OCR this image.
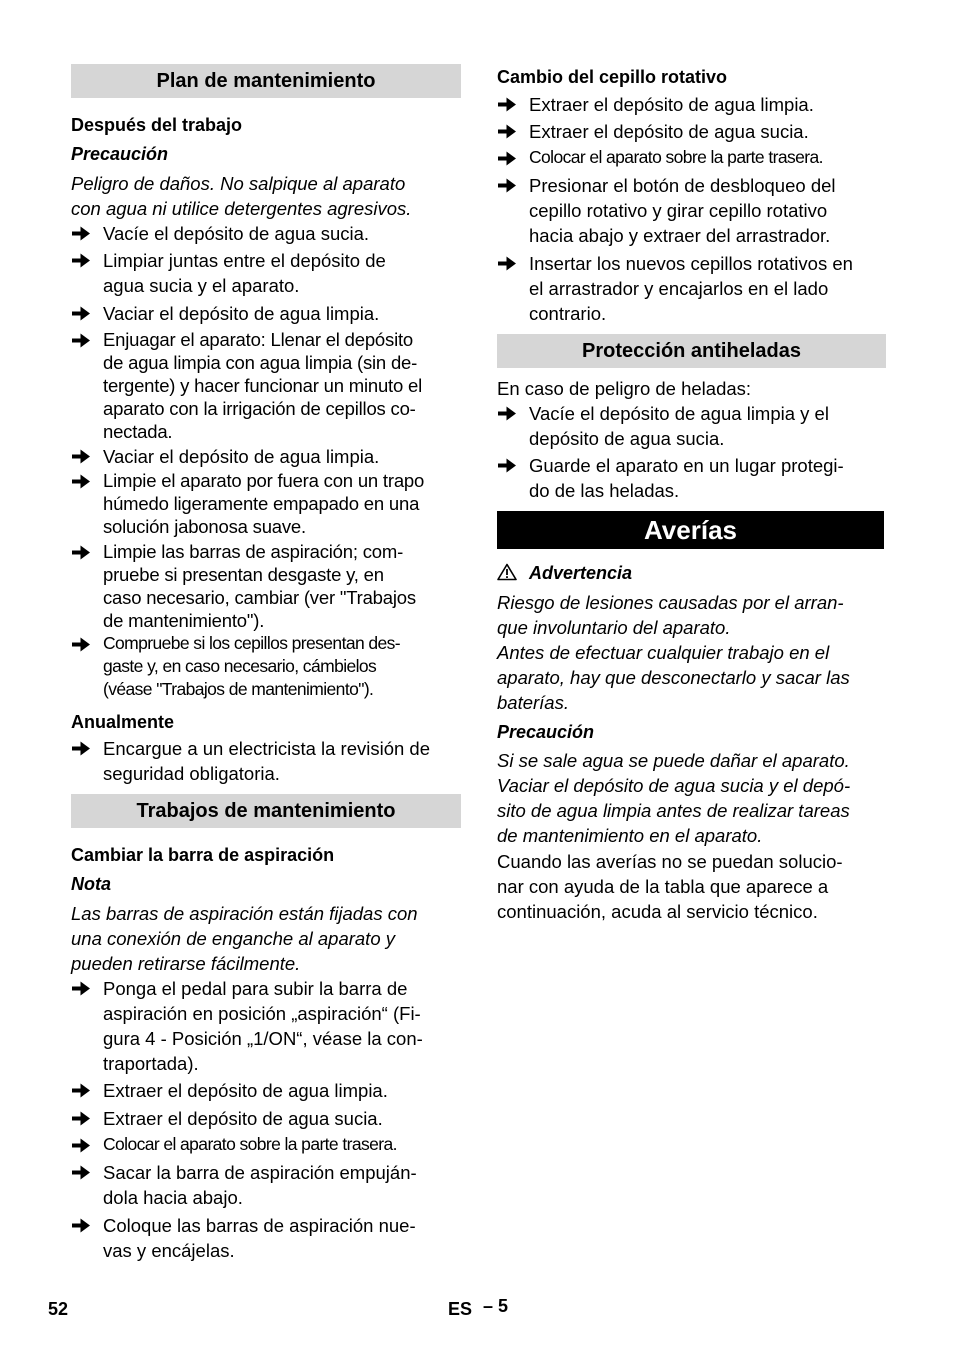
Plan de mantenimiento
Después del trabajo
Precaución
Peligro de daños. No salpique al aparato
con agua ni utilice detergentes agresivos.
Vacíe el depósito de agua sucia.
Limpiar juntas entre el depósito de
agua sucia y el aparato.
Vaciar el depósito de agua limpia.
Enjuagar el aparato: Llenar el depósito
de agua limpia con agua limpia (sin de-
tergente) y hacer funcionar un minuto el
aparato con la irrigación de cepillos co-
nectada.
Vaciar el depósito de agua limpia.
Limpie el aparato por fuera con un trapo
húmedo ligeramente empapado en una
solución jabonosa suave.
Limpie las barras de aspiración; com-
pruebe si presentan desgaste y, en
caso necesario, cambiar (ver "Trabajos
de mantenimiento").
Compruebe si los cepillos presentan des-
gaste y, en caso necesario, cámbielos
(véase "Trabajos de mantenimiento").
Anualmente
Encargue a un electricista la revisión de
seguridad obligatoria.
Trabajos de mantenimiento
Cambiar la barra de aspiración
Nota
Las barras de aspiración están fijadas con
una conexión de enganche al aparato y
pueden retirarse fácilmente.
Ponga el pedal para subir la barra de
aspiración en posición „aspiración“ (Fi-
gura 4 - Posición „1/ON“, véase la con-
traportada).
Extraer el depósito de agua limpia.
Extraer el depósito de agua sucia.
Colocar el aparato sobre la parte trasera.
Sacar la barra de aspiración empuján-
dola hacia abajo.
Coloque las barras de aspiración nue-
vas y encájelas.
Cambio del cepillo rotativo
Extraer el depósito de agua limpia.
Extraer el depósito de agua sucia.
Colocar el aparato sobre la parte trasera.
Presionar el botón de desbloqueo del
cepillo rotativo y girar cepillo rotativo
hacia abajo y extraer del arrastrador.
Insertar los nuevos cepillos rotativos en
el arrastrador y encajarlos en el lado
contrario.
Protección antiheladas
En caso de peligro de heladas:
Vacíe el depósito de agua limpia y el
depósito de agua sucia.
Guarde el aparato en un lugar protegi-
do de las heladas.
Averías
Advertencia
Riesgo de lesiones causadas por el arran-
que involuntario del aparato.
Antes de efectuar cualquier trabajo en el
aparato, hay que desconectarlo y sacar las
baterías.
Precaución
Si se sale agua se puede dañar el aparato.
Vaciar el depósito de agua sucia y el depó-
sito de agua limpia antes de realizar tareas
de mantenimiento en el aparato.
Cuando las averías no se puedan solucio-
nar con ayuda de la tabla que aparece a
continuación, acuda al servicio técnico.
52	ES – 5
